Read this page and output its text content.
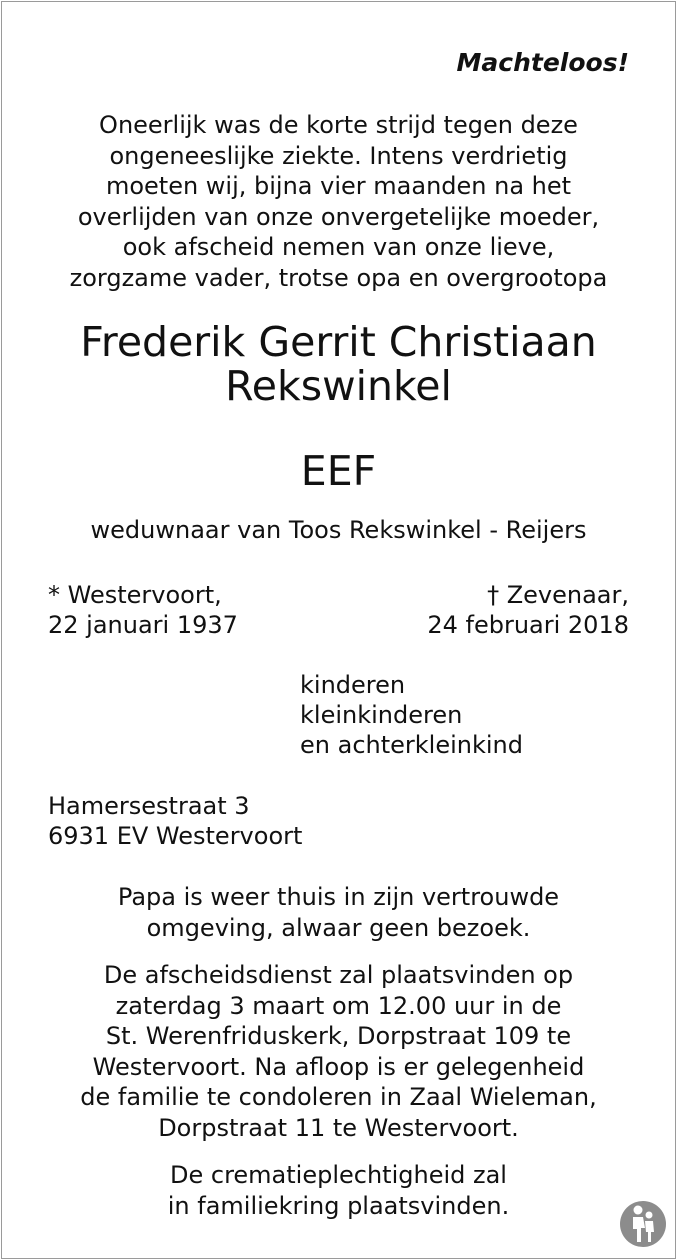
Machteloos!
Oneerlijk was de korte strijd tegen deze
ongeneeslijke ziekte. Intens verdrietig
moeten wij, bijna vier maanden na het
overlijden van onze onvergetelijke moeder,
ook afscheid nemen van onze lieve,
zorgzame vader, trotse opa en overgrootopa
Frederik Gerrit Christiaan
Rekswinkel
EEF
weduwnaar van Toos Rekswinkel - Reijers
* Westervoort,
22 januari 1937
† Zevenaar,
24 februari 2018
kinderen
kleinkinderen
en achterkleinkind
Hamersestraat 3
6931 EV Westervoort
Papa is weer thuis in zijn vertrouwde
omgeving, alwaar geen bezoek.
De afscheidsdienst zal plaatsvinden op
zaterdag 3 maart om 12.00 uur in de
St. Werenfriduskerk, Dorpstraat 109 te
Westervoort. Na afloop is er gelegenheid
de familie te condoleren in Zaal Wieleman,
Dorpstraat 11 te Westervoort.
De crematieplechtigheid zal
in familiekring plaatsvinden.
